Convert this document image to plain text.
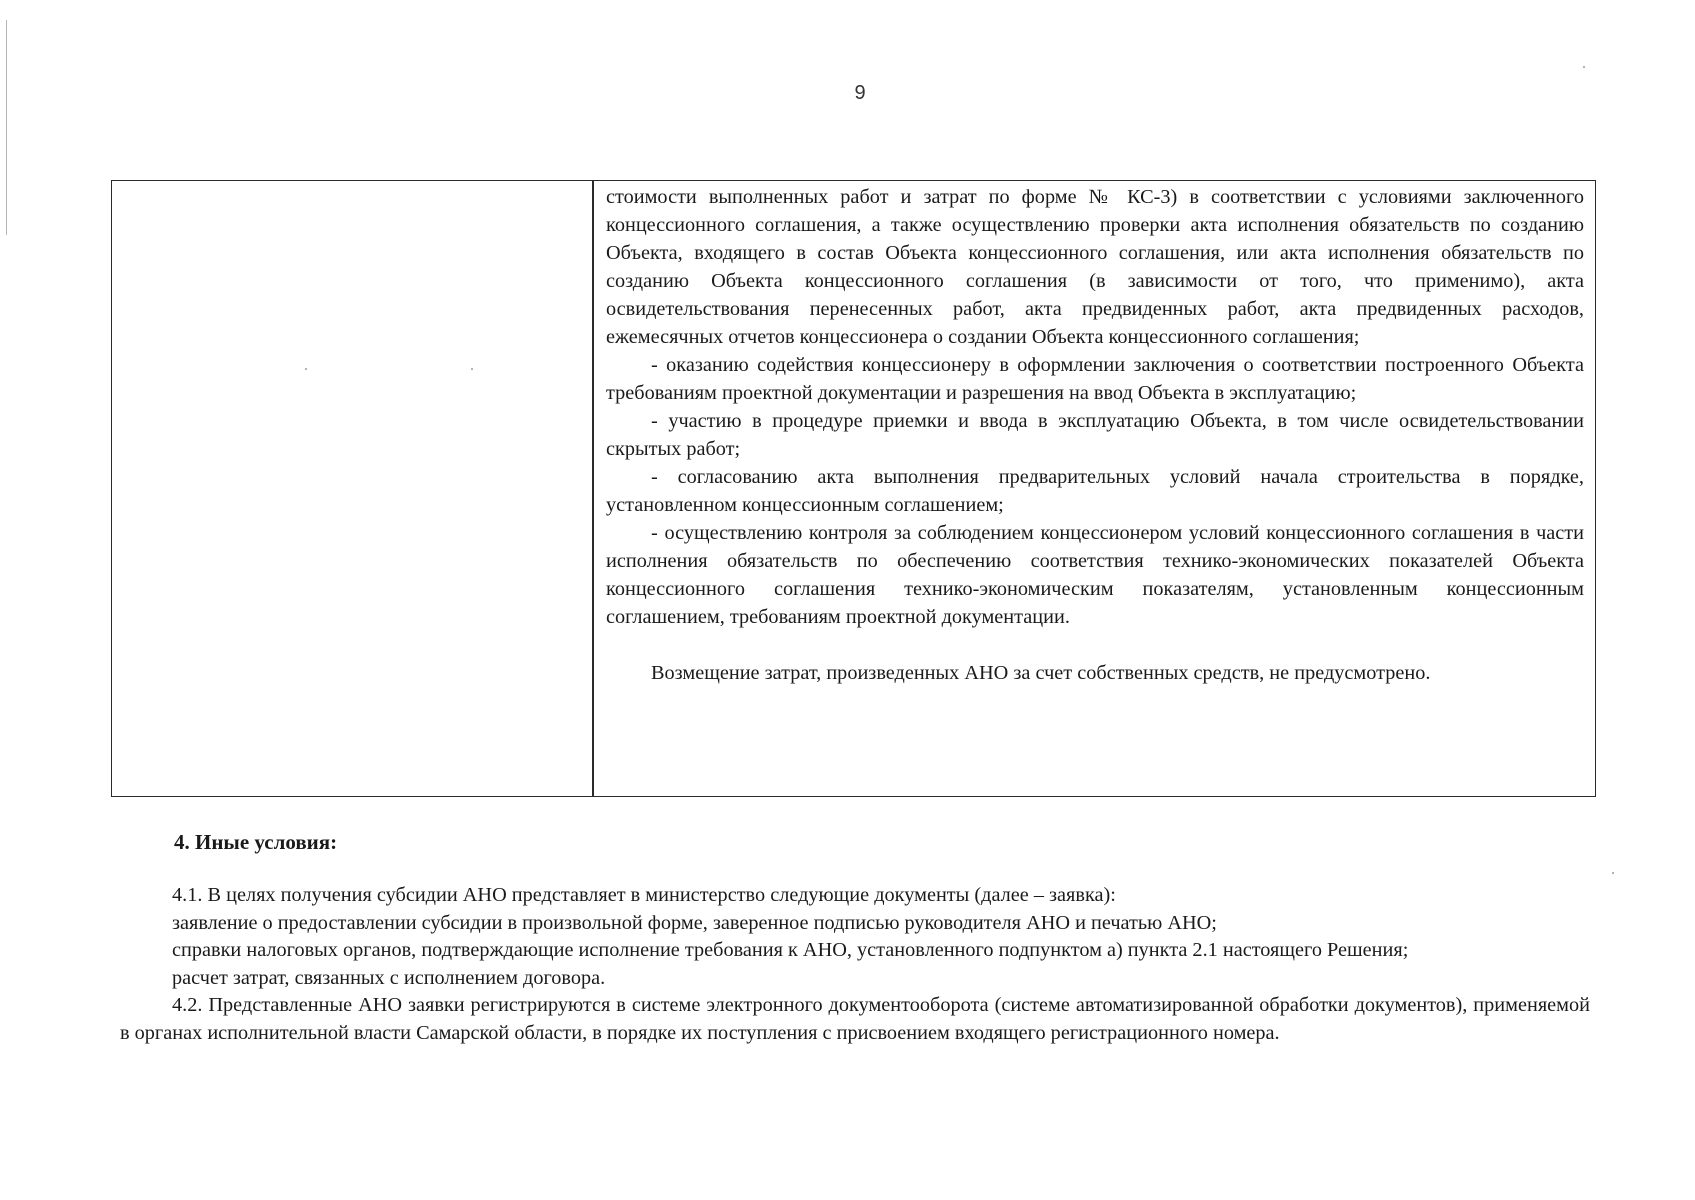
9

стоимости выполненных работ и затрат по форме № КС-3) в соответствии с условиями заключенного концессионного соглашения, а также осуществлению проверки акта исполнения обязательств по созданию Объекта, входящего в состав Объекта концессионного соглашения, или акта исполнения обязательств по созданию Объекта концессионного соглашения (в зависимости от того, что применимо), акта освидетельствования перенесенных работ, акта предвиденных работ, акта предвиденных расходов, ежемесячных отчетов концессионера о создании Объекта концессионного соглашения;

- оказанию содействия концессионеру в оформлении заключения о соответствии построенного Объекта требованиям проектной документации и разрешения на ввод Объекта в эксплуатацию;

- участию в процедуре приемки и ввода в эксплуатацию Объекта, в том числе освидетельствовании скрытых работ;

- согласованию акта выполнения предварительных условий начала строительства в порядке, установленном концессионным соглашением;

- осуществлению контроля за соблюдением концессионером условий концессионного соглашения в части исполнения обязательств по обеспечению соответствия технико-экономических показателей Объекта концессионного соглашения технико-экономическим показателям, установленным концессионным соглашением, требованиям проектной документации.

Возмещение затрат, произведенных АНО за счет собственных средств, не предусмотрено.

4. Иные условия:

4.1. В целях получения субсидии АНО представляет в министерство следующие документы (далее – заявка):

заявление о предоставлении субсидии в произвольной форме, заверенное подписью руководителя АНО и печатью АНО;

справки налоговых органов, подтверждающие исполнение требования к АНО, установленного подпунктом а) пункта 2.1 настоящего Решения;

расчет затрат, связанных с исполнением договора.

4.2. Представленные АНО заявки регистрируются в системе электронного документооборота (системе автоматизированной обработки документов), применяемой в органах исполнительной власти Самарской области, в порядке их поступления с присвоением входящего регистрационного номера.
